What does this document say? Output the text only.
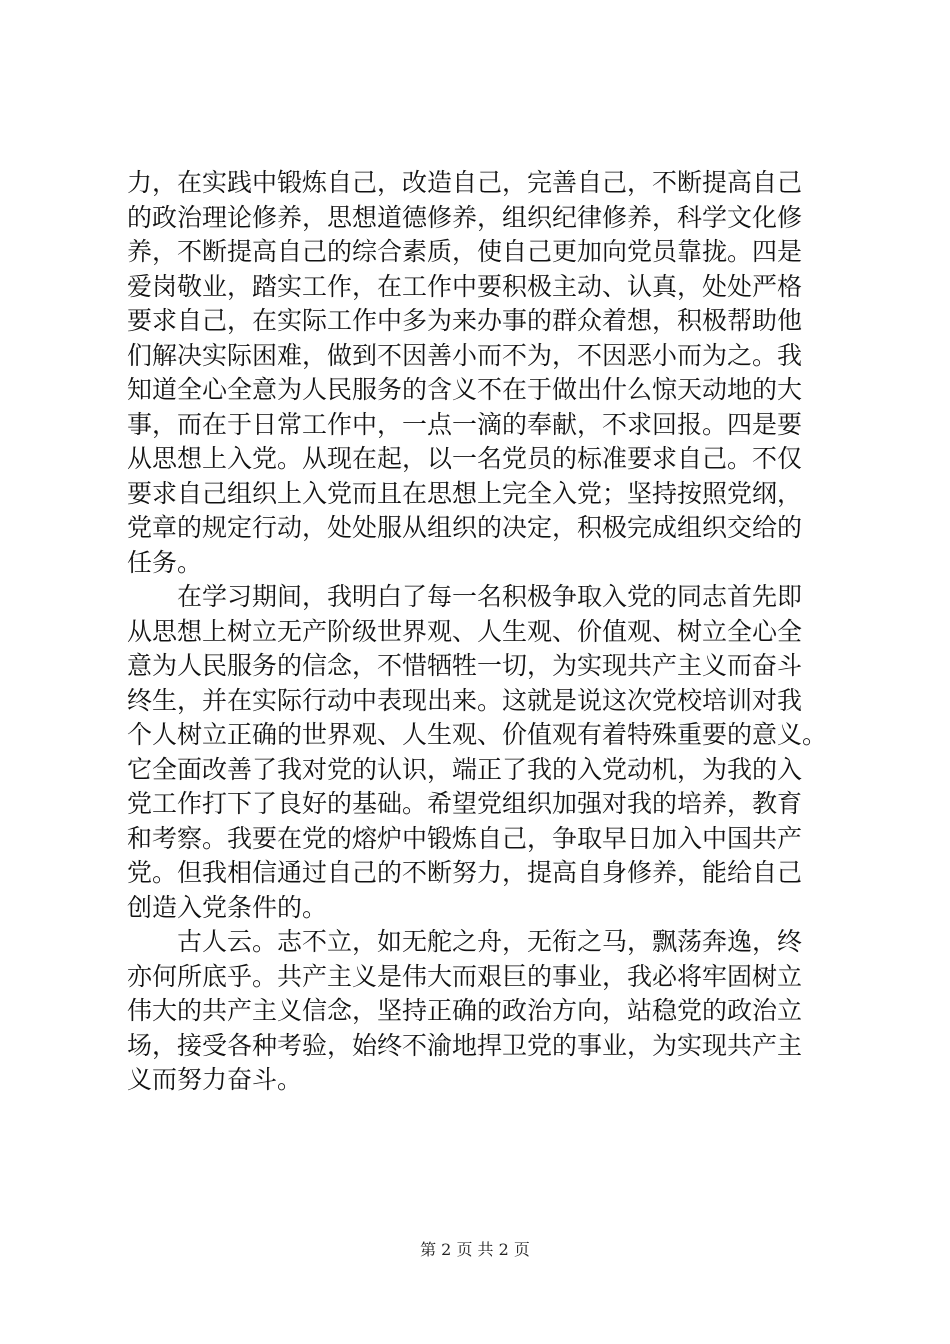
力，在实践中锻炼自己，改造自己，完善自己，不断提高自己
的政治理论修养，思想道德修养，组织纪律修养，科学文化修
养，不断提高自己的综合素质，使自己更加向党员靠拢。四是
爱岗敬业，踏实工作，在工作中要积极主动、认真，处处严格
要求自己，在实际工作中多为来办事的群众着想，积极帮助他
们解决实际困难，做到不因善小而不为，不因恶小而为之。我
知道全心全意为人民服务的含义不在于做出什么惊天动地的大
事，而在于日常工作中，一点一滴的奉献，不求回报。四是要
从思想上入党。从现在起，以一名党员的标准要求自己。不仅
要求自己组织上入党而且在思想上完全入党；坚持按照党纲，
党章的规定行动，处处服从组织的决定，积极完成组织交给的
任务。
　　在学习期间，我明白了每一名积极争取入党的同志首先即
从思想上树立无产阶级世界观、人生观、价值观、树立全心全
意为人民服务的信念，不惜牺牲一切，为实现共产主义而奋斗
终生，并在实际行动中表现出来。这就是说这次党校培训对我
个人树立正确的世界观、人生观、价值观有着特殊重要的意义。
它全面改善了我对党的认识，端正了我的入党动机，为我的入
党工作打下了良好的基础。希望党组织加强对我的培养，教育
和考察。我要在党的熔炉中锻炼自己，争取早日加入中国共产
党。但我相信通过自己的不断努力，提高自身修养，能给自己
创造入党条件的。
　　古人云。志不立，如无舵之舟，无衔之马，飘荡奔逸，终
亦何所底乎。共产主义是伟大而艰巨的事业，我必将牢固树立
伟大的共产主义信念，坚持正确的政治方向，站稳党的政治立
场，接受各种考验，始终不渝地捍卫党的事业，为实现共产主
义而努力奋斗。
第 2 页 共 2 页
